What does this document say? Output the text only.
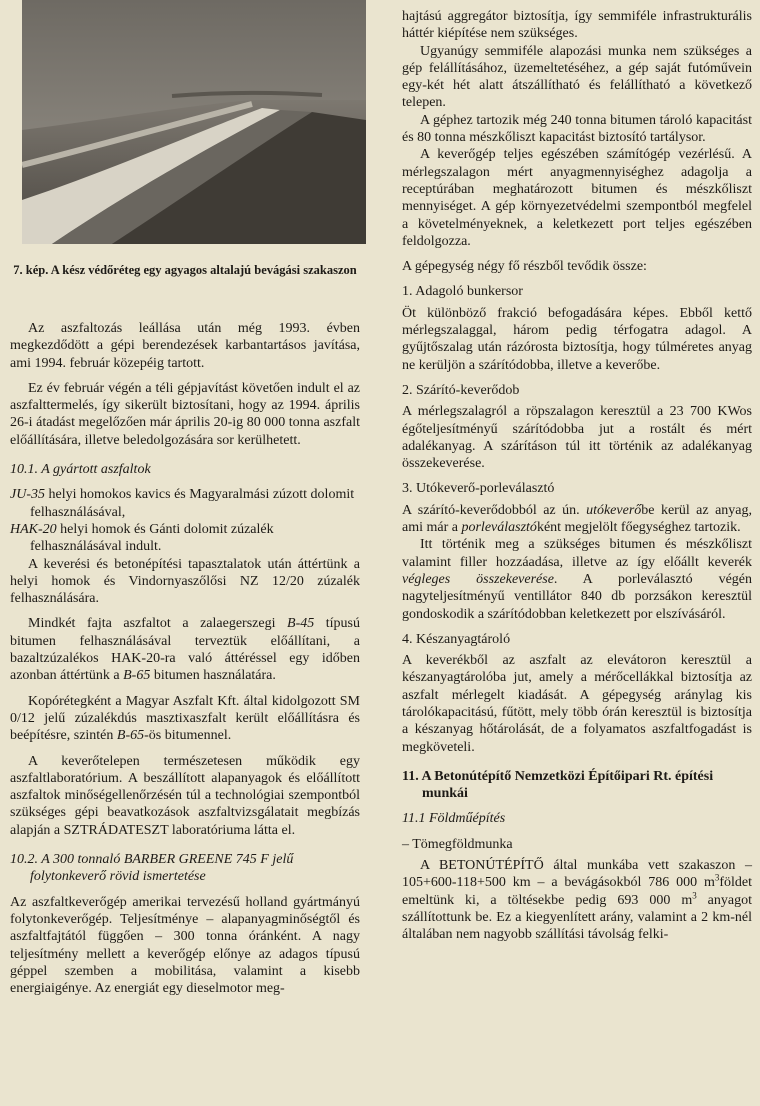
7. kép. A kész védőréteg egy agyagos altalajú bevágási szakaszon

Az aszfaltozás leállása után még 1993. évben megkezdődött a gépi berendezések karbantartásos javítása, ami 1994. február közepéig tartott.

Ez év február végén a téli gépjavítást követően indult el az aszfalttermelés, így sikerült biztosítani, hogy az 1994. április 26-i átadást megelőzően már április 20-ig 80 000 tonna aszfalt előállítására, illetve beledolgozására sor kerülhetett.

10.1. A gyártott aszfaltok

JU-35 helyi homokos kavics és Magyaralmási zúzott dolomit felhasználásával,

HAK-20 helyi homok és Gánti dolomit zúzalék felhasználásával indult.

A keverési és betonépítési tapasztalatok után áttértünk a helyi homok és Vindornyaszőlősi NZ 12/20 zúzalék felhasználására.

Mindkét fajta aszfaltot a zalaegerszegi B-45 típusú bitumen felhasználásával terveztük előállítani, a bazaltzúzalékos HAK-20-ra való áttéréssel egy időben azonban áttértünk a B-65 bitumen használatára.

Kopórétegként a Magyar Aszfalt Kft. által kidolgozott SM 0/12 jelű zúzalékdús masztixaszfalt került előállításra és beépítésre, szintén B-65-ös bitumennel.

A keverőtelepen természetesen működik egy aszfaltlaboratórium. A beszállított alapanyagok és előállított aszfaltok minőségellenőrzésén túl a technológiai szempontból szükséges gépi beavatkozások aszfaltvizsgálatait megbízás alapján a SZTRÁDATESZT laboratóriuma látta el.

10.2. A 300 tonnaló BARBER GREENE 745 F jelű folytonkeverő rövid ismertetése

Az aszfaltkeverőgép amerikai tervezésű holland gyártmányú folytonkeverőgép. Teljesítménye – alapanyagminőségtől és aszfaltfajtától függően – 300 tonna óránként. A nagy teljesítmény mellett a keverőgép előnye az adagos típusú géppel szemben a mobilitása, valamint a kisebb energiaigénye. Az energiát egy dieselmotor meg-

hajtású aggregátor biztosítja, így semmiféle infrastrukturális háttér kiépítése nem szükséges.

Ugyanúgy semmiféle alapozási munka nem szükséges a gép felállításához, üzemeltetéséhez, a gép saját futóművein egy-két hét alatt átszállítható és felállítható a következő telepen.

A géphez tartozik még 240 tonna bitumen tároló kapacitást és 80 tonna mészkőliszt kapacitást biztosító tartálysor.

A keverőgép teljes egészében számítógép vezérlésű. A mérlegszalagon mért anyagmennyiséghez adagolja a receptúrában meghatározott bitumen és mészkőliszt mennyiséget. A gép környezetvédelmi szempontból megfelel a követelményeknek, a keletkezett port teljes egészében feldolgozza.

A gépegység négy fő részből tevődik össze:

1. Adagoló bunkersor

Öt különböző frakció befogadására képes. Ebből kettő mérlegszalaggal, három pedig térfogatra adagol. A gyűjtőszalag után rázórosta biztosítja, hogy túlméretes anyag ne kerüljön a szárítódobba, illetve a keverőbe.

2. Szárító-keverődob

A mérlegszalagról a röpszalagon keresztül a 23 700 KWos égőteljesítményű szárítódobba jut a rostált és mért adalékanyag. A szárításon túl itt történik az adalékanyag összekeverése.

3. Utókeverő-porleválasztó

A szárító-keverődobból az ún. utókeverőbe kerül az anyag, ami már a porleválasztóként megjelölt főegységhez tartozik.

Itt történik meg a szükséges bitumen és mészkőliszt valamint filler hozzáadása, illetve az így előállt keverék végleges összekeverése. A porleválasztó végén nagyteljesítményű ventillátor 840 db porzsákon keresztül gondoskodik a szárítódobban keletkezett por elszívásáról.

4. Készanyagtároló

A keverékből az aszfalt az elevátoron keresztül a készanyagtárolóba jut, amely a mérőcellákkal biztosítja az aszfalt mérlegelt kiadását. A gépegység aránylag kis tárolókapacitású, fűtött, mely több órán keresztül is biztosítja a készanyag hőtárolását, de a folyamatos aszfaltfogadást is megköveteli.

11. A Betonútépítő Nemzetközi Építőipari Rt. építési munkái
11.1 Földműépítés
– Tömegföldmunka

A BETONÚTÉPÍTŐ által munkába vett szakaszon – 105+600-118+500 km – a bevágásokból 786 000 $m^3földet$ emeltünk ki, a töltésekbe pedig 693 000 $m^3$ anyagot szállítottunk be. Ez a kiegyenlített arány, valamint a 2 km-nél általában nem nagyobb szállítási távolság felki-
